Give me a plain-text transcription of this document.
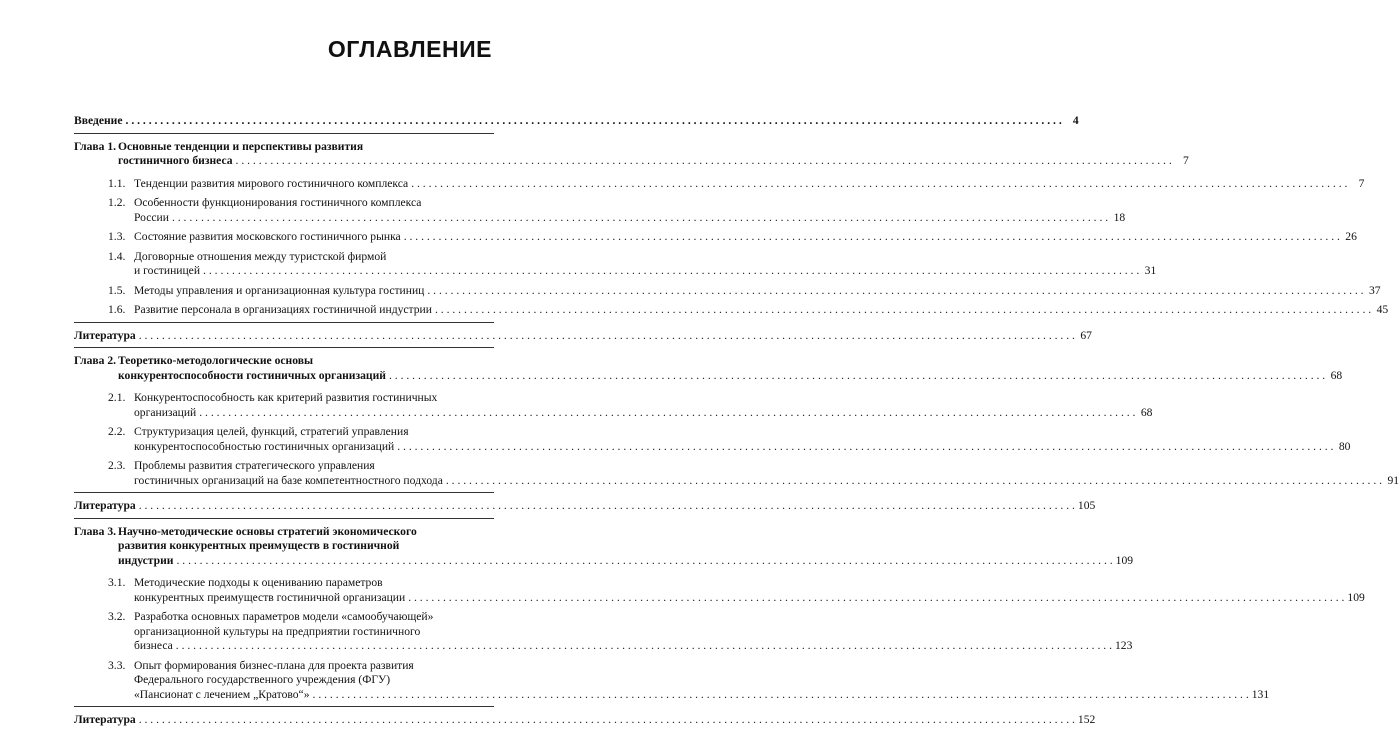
ОГЛАВЛЕНИЕ
Введение . . .	4
Глава 1. Основные тенденции и перспективы развития
гостиничного бизнеса . . .	7
1.1. Тенденции развития мирового гостиничного комплекса . . .	7
1.2. Особенности функционирования гостиничного комплекса
России . . .	18
1.3. Состояние развития московского гостиничного рынка . . .	26
1.4. Договорные отношения между туристской фирмой
и гостиницей . . .	31
1.5. Методы управления и организационная культура гостиниц . . .	37
1.6. Развитие персонала в организациях гостиничной индустрии . . .	45
Литература . . .	67
Глава 2. Теоретико-методологические основы
конкурентоспособности гостиничных организаций . . .	68
2.1. Конкурентоспособность как критерий развития гостиничных
организаций . . .	68
2.2. Структуризация целей, функций, стратегий управления
конкурентоспособностью гостиничных организаций . . .	80
2.3. Проблемы развития стратегического управления
гостиничных организаций на базе компетентностного подхода . . .	91
Литература . . .	105
Глава 3. Научно-методические основы стратегий экономического
развития конкурентных преимуществ в гостиничной
индустрии . . .	109
3.1. Методические подходы к оцениванию параметров
конкурентных преимуществ гостиничной организации . . .	109
3.2. Разработка основных параметров модели «самообучающей»
организационной культуры на предприятии гостиничного
бизнеса . . .	123
3.3. Опыт формирования бизнес-плана для проекта развития
Федерального государственного учреждения (ФГУ)
«Пансионат с лечением „Кратово“» . . .	131
Литература . . .	152
